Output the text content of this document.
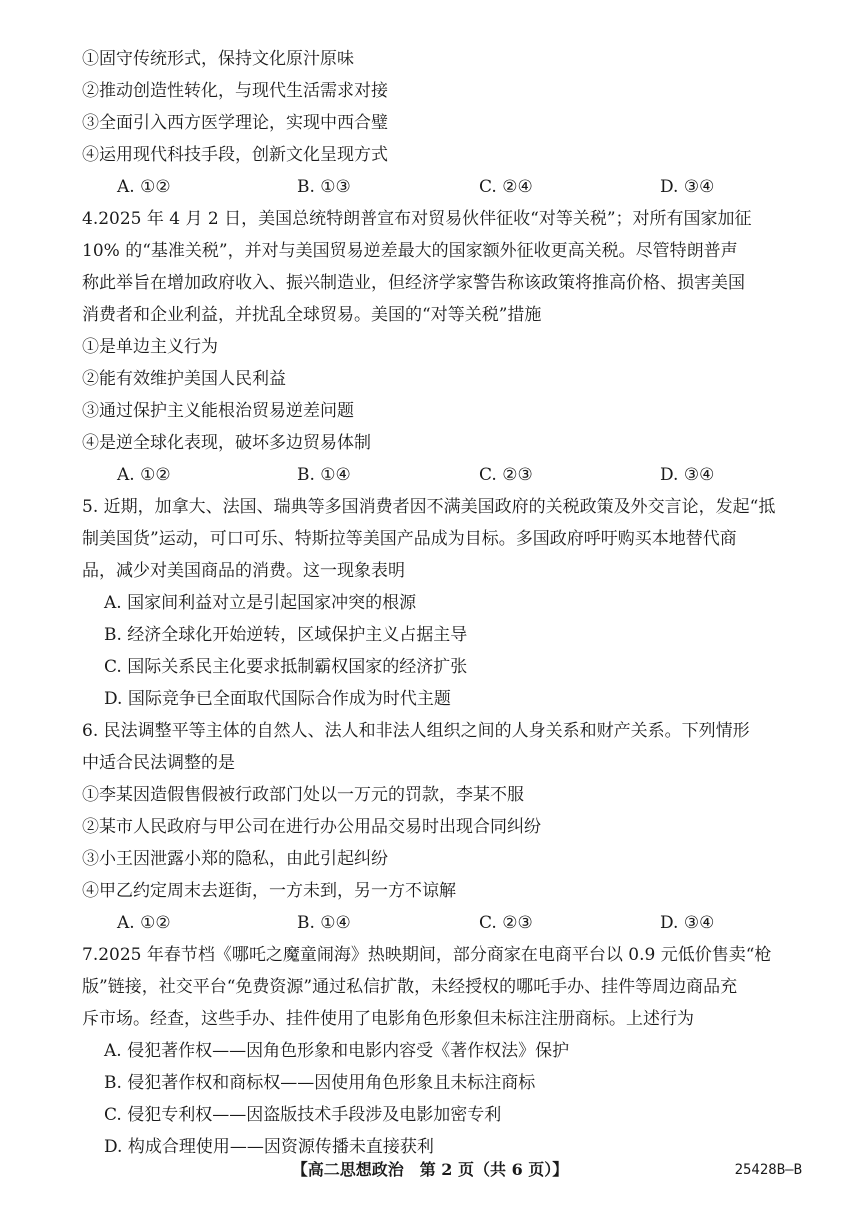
①固守传统形式，保持文化原汁原味
②推动创造性转化，与现代生活需求对接
③全面引入西方医学理论，实现中西合璧
④运用现代科技手段，创新文化呈现方式
A. ①②	B. ①③	C. ②④	D. ③④
4.2025 年 4 月 2 日，美国总统特朗普宣布对贸易伙伴征收“对等关税”；对所有国家加征
10% 的“基准关税”，并对与美国贸易逆差最大的国家额外征收更高关税。尽管特朗普声
称此举旨在增加政府收入、振兴制造业，但经济学家警告称该政策将推高价格、损害美国
消费者和企业利益，并扰乱全球贸易。美国的“对等关税”措施
①是单边主义行为
②能有效维护美国人民利益
③通过保护主义能根治贸易逆差问题
④是逆全球化表现，破坏多边贸易体制
A. ①②	B. ①④	C. ②③	D. ③④
5. 近期，加拿大、法国、瑞典等多国消费者因不满美国政府的关税政策及外交言论，发起“抵
制美国货”运动，可口可乐、特斯拉等美国产品成为目标。多国政府呼吁购买本地替代商
品，减少对美国商品的消费。这一现象表明
A. 国家间利益对立是引起国家冲突的根源
B. 经济全球化开始逆转，区域保护主义占据主导
C. 国际关系民主化要求抵制霸权国家的经济扩张
D. 国际竞争已全面取代国际合作成为时代主题
6. 民法调整平等主体的自然人、法人和非法人组织之间的人身关系和财产关系。下列情形
中适合民法调整的是
①李某因造假售假被行政部门处以一万元的罚款，李某不服
②某市人民政府与甲公司在进行办公用品交易时出现合同纠纷
③小王因泄露小郑的隐私，由此引起纠纷
④甲乙约定周末去逛街，一方未到，另一方不谅解
A. ①②	B. ①④	C. ②③	D. ③④
7.2025 年春节档《哪吒之魔童闹海》热映期间，部分商家在电商平台以 0.9 元低价售卖“枪
版”链接，社交平台“免费资源”通过私信扩散，未经授权的哪吒手办、挂件等周边商品充
斥市场。经查，这些手办、挂件使用了电影角色形象但未标注注册商标。上述行为
A. 侵犯著作权——因角色形象和电影内容受《著作权法》保护
B. 侵犯著作权和商标权——因使用角色形象且未标注商标
C. 侵犯专利权——因盗版技术手段涉及电影加密专利
D. 构成合理使用——因资源传播未直接获利
【高二思想政治　第 2 页（共 6 页）】	25428B—B
